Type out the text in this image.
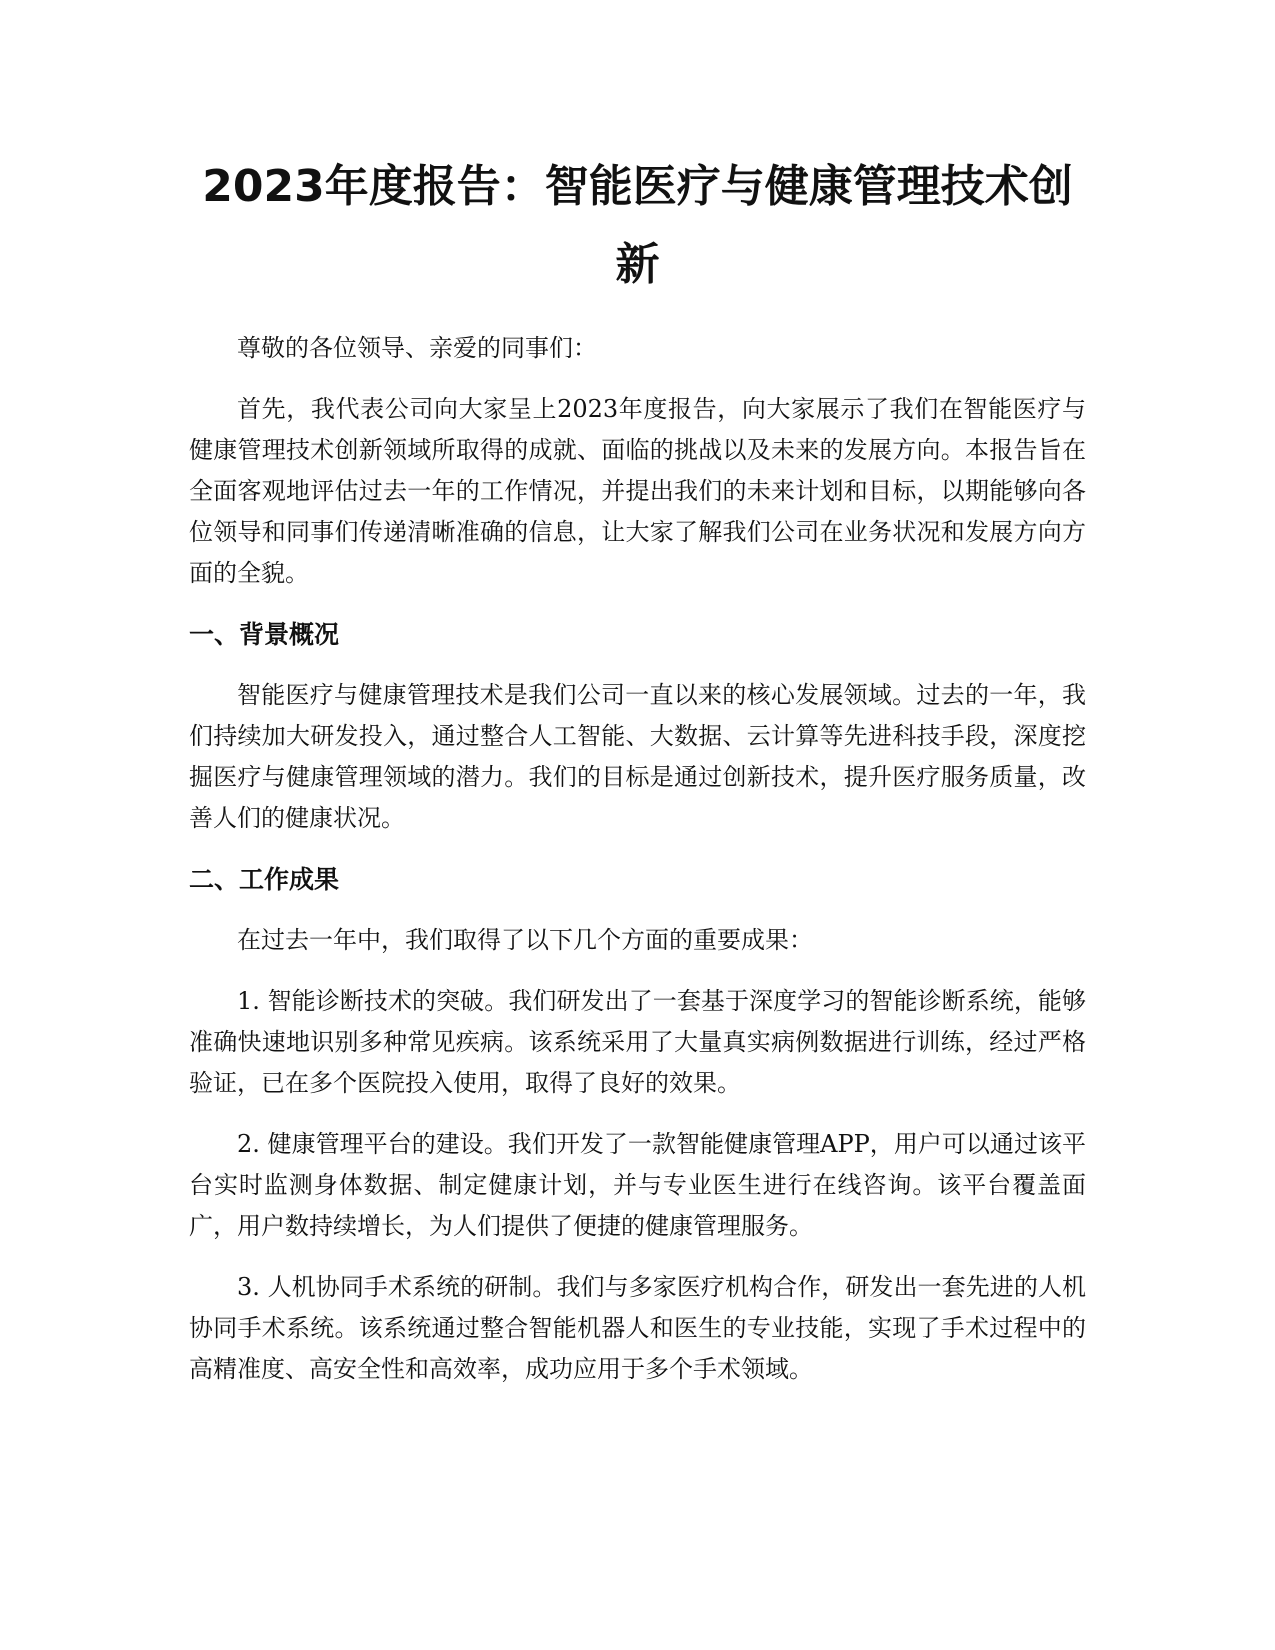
2023年度报告：智能医疗与健康管理技术创新

尊敬的各位领导、亲爱的同事们：

首先，我代表公司向大家呈上2023年度报告，向大家展示了我们在智能医疗与健康管理技术创新领域所取得的成就、面临的挑战以及未来的发展方向。本报告旨在全面客观地评估过去一年的工作情况，并提出我们的未来计划和目标，以期能够向各位领导和同事们传递清晰准确的信息，让大家了解我们公司在业务状况和发展方向方面的全貌。

一、背景概况

智能医疗与健康管理技术是我们公司一直以来的核心发展领域。过去的一年，我们持续加大研发投入，通过整合人工智能、大数据、云计算等先进科技手段，深度挖掘医疗与健康管理领域的潜力。我们的目标是通过创新技术，提升医疗服务质量，改善人们的健康状况。

二、工作成果

在过去一年中，我们取得了以下几个方面的重要成果：

1. 智能诊断技术的突破。我们研发出了一套基于深度学习的智能诊断系统，能够准确快速地识别多种常见疾病。该系统采用了大量真实病例数据进行训练，经过严格验证，已在多个医院投入使用，取得了良好的效果。

2. 健康管理平台的建设。我们开发了一款智能健康管理APP，用户可以通过该平台实时监测身体数据、制定健康计划，并与专业医生进行在线咨询。该平台覆盖面广，用户数持续增长，为人们提供了便捷的健康管理服务。

3. 人机协同手术系统的研制。我们与多家医疗机构合作，研发出一套先进的人机协同手术系统。该系统通过整合智能机器人和医生的专业技能，实现了手术过程中的高精准度、高安全性和高效率，成功应用于多个手术领域。
